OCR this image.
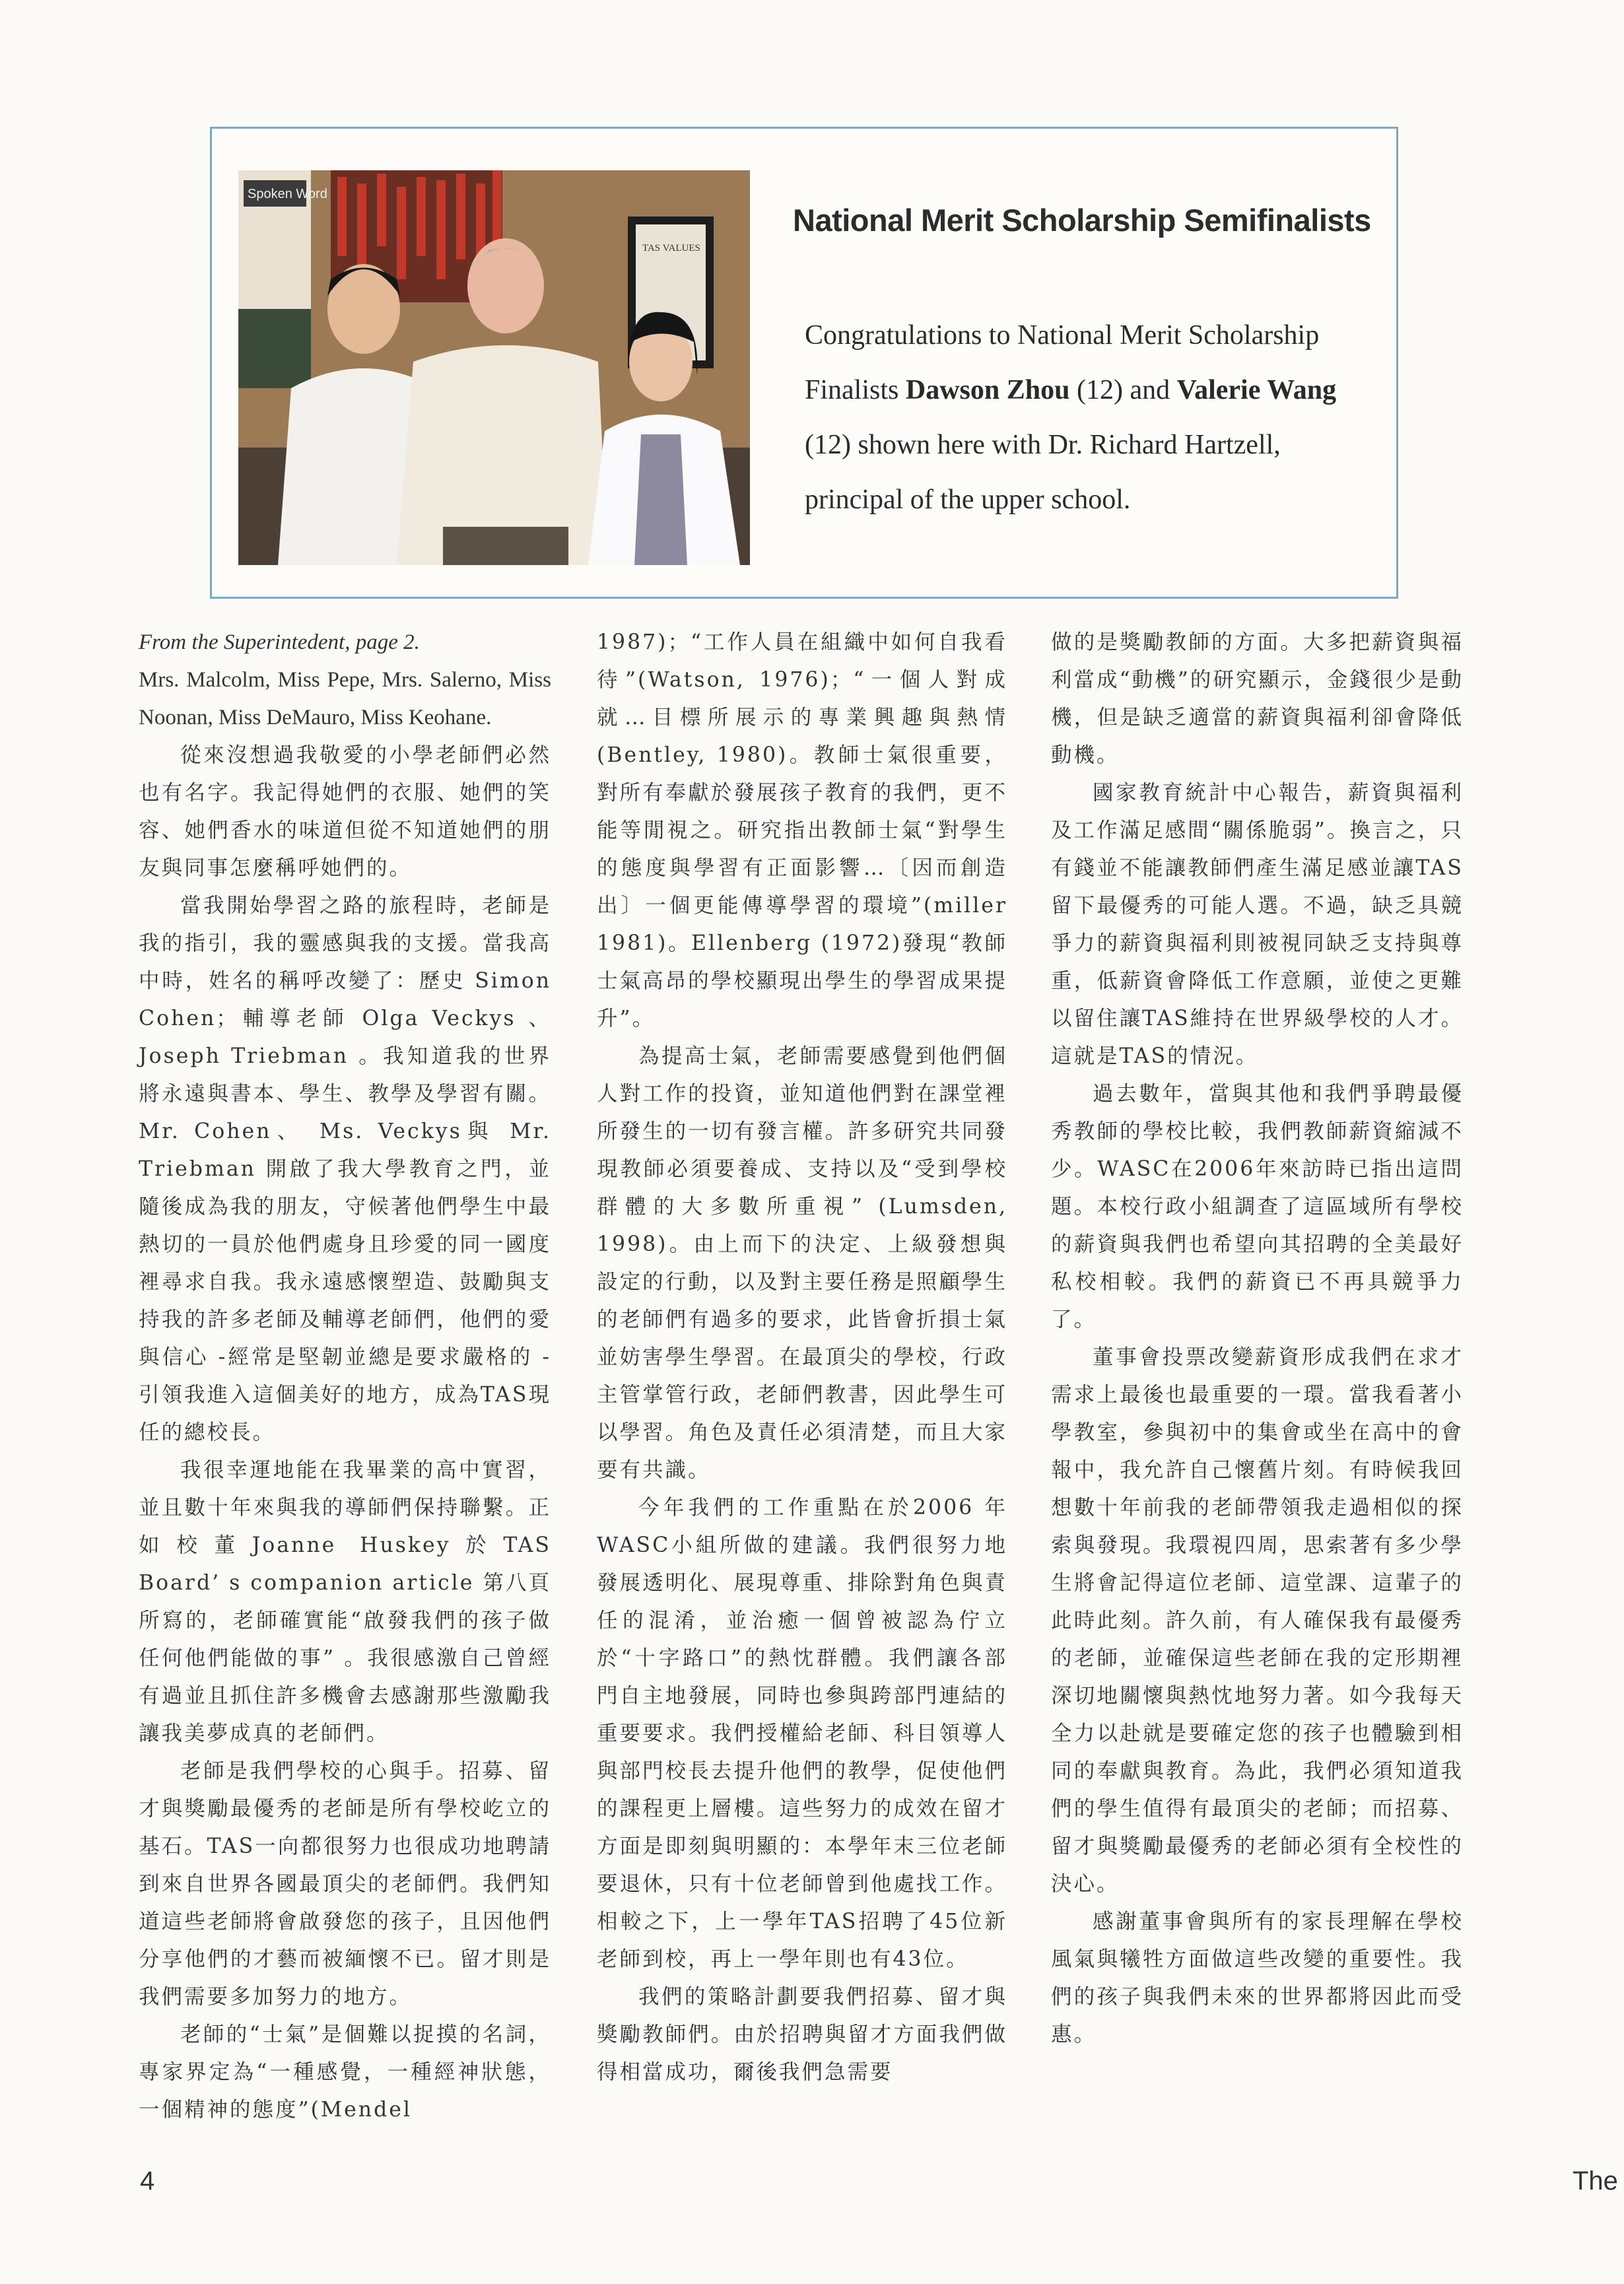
Spoken Word
TAS VALUES
National Merit Scholarship Semifinalists

Congratulations to National Merit Scholarship Finalists Dawson Zhou (12) and Valerie Wang (12) shown here with Dr. Richard Hartzell, principal of the upper school.

From the Superintedent, page 2.

Mrs. Malcolm, Miss Pepe, Mrs. Salerno, Miss Noonan, Miss DeMauro, Miss Keohane.

從來沒想過我敬愛的小學老師們必然也有名字。我記得她們的衣服、她們的笑容、她們香水的味道但從不知道她們的朋友與同事怎麼稱呼她們的。

當我開始學習之路的旅程時，老師是我的指引，我的靈感與我的支援。當我高中時，姓名的稱呼改變了：歷史 Simon Cohen；輔導老師 Olga Veckys 、Joseph Triebman 。我知道我的世界將永遠與書本、學生、教學及學習有關。Mr. Cohen、 Ms. Veckys與 Mr. Triebman 開啟了我大學教育之門，並隨後成為我的朋友，守候著他們學生中最熱切的一員於他們處身且珍愛的同一國度裡尋求自我。我永遠感懷塑造、鼓勵與支持我的許多老師及輔導老師們，他們的愛與信心 -經常是堅韌並總是要求嚴格的 -引領我進入這個美好的地方，成為TAS現任的總校長。

我很幸運地能在我畢業的高中實習，並且數十年來與我的導師們保持聯繫。正如校董Joanne Huskey於TAS Board’ s companion article 第八頁所寫的，老師確實能“啟發我們的孩子做任何他們能做的事” 。我很感激自己曾經有過並且抓住許多機會去感謝那些激勵我讓我美夢成真的老師們。

老師是我們學校的心與手。招募、留才與獎勵最優秀的老師是所有學校屹立的基石。TAS一向都很努力也很成功地聘請到來自世界各國最頂尖的老師們。我們知道這些老師將會啟發您的孩子，且因他們分享他們的才藝而被緬懷不已。留才則是我們需要多加努力的地方。

老師的“士氣”是個難以捉摸的名詞，專家界定為“一種感覺，一種經神狀態，一個精神的態度”(Mendel

1987)；“工作人員在組織中如何自我看待”(Watson, 1976)；“一個人對成就…目標所展示的專業興趣與熱情 (Bentley, 1980)。教師士氣很重要，對所有奉獻於發展孩子教育的我們，更不能等閒視之。研究指出教師士氣“對學生的態度與學習有正面影響…〔因而創造出〕一個更能傳導學習的環境”(miller 1981)。Ellenberg (1972)發現“教師士氣高昂的學校顯現出學生的學習成果提升”。

為提高士氣，老師需要感覺到他們個人對工作的投資，並知道他們對在課堂裡所發生的一切有發言權。許多研究共同發現教師必須要養成、支持以及“受到學校群體的大多數所重視” (Lumsden, 1998)。由上而下的決定、上級發想與設定的行動，以及對主要任務是照顧學生的老師們有過多的要求，此皆會折損士氣並妨害學生學習。在最頂尖的學校，行政主管掌管行政，老師們教書，因此學生可以學習。角色及責任必須清楚，而且大家要有共識。

今年我們的工作重點在於2006 年WASC小組所做的建議。我們很努力地發展透明化、展現尊重、排除對角色與責任的混淆，並治癒一個曾被認為佇立於“十字路口”的熱忱群體。我們讓各部門自主地發展，同時也參與跨部門連結的重要要求。我們授權給老師、科目領導人與部門校長去提升他們的教學，促使他們的課程更上層樓。這些努力的成效在留才方面是即刻與明顯的：本學年末三位老師要退休，只有十位老師曾到他處找工作。相較之下，上一學年TAS招聘了45位新老師到校，再上一學年則也有43位。

我們的策略計劃要我們招募、留才與獎勵教師們。由於招聘與留才方面我們做得相當成功，爾後我們急需要

做的是獎勵教師的方面。大多把薪資與福利當成“動機”的研究顯示，金錢很少是動機，但是缺乏適當的薪資與福利卻會降低動機。

國家教育統計中心報告，薪資與福利及工作滿足感間“關係脆弱”。換言之，只有錢並不能讓教師們產生滿足感並讓TAS留下最優秀的可能人選。不過，缺乏具競爭力的薪資與福利則被視同缺乏支持與尊重，低薪資會降低工作意願，並使之更難以留住讓TAS維持在世界級學校的人才。這就是TAS的情況。

過去數年，當與其他和我們爭聘最優秀教師的學校比較，我們教師薪資縮減不少。WASC在2006年來訪時已指出這問題。本校行政小組調查了這區域所有學校的薪資與我們也希望向其招聘的全美最好私校相較。我們的薪資已不再具競爭力了。

董事會投票改變薪資形成我們在求才需求上最後也最重要的一環。當我看著小學教室，參與初中的集會或坐在高中的會報中，我允許自己懷舊片刻。有時候我回想數十年前我的老師帶領我走過相似的探索與發現。我環視四周，思索著有多少學生將會記得這位老師、這堂課、這輩子的此時此刻。許久前，有人確保我有最優秀的老師，並確保這些老師在我的定形期裡深切地關懷與熱忱地努力著。如今我每天全力以赴就是要確定您的孩子也體驗到相同的奉獻與教育。為此，我們必須知道我們的學生值得有最頂尖的老師；而招募、留才與獎勵最優秀的老師必須有全校性的決心。

感謝董事會與所有的家長理解在學校風氣與犧牲方面做這些改變的重要性。我們的孩子與我們未來的世界都將因此而受惠。

4	The
